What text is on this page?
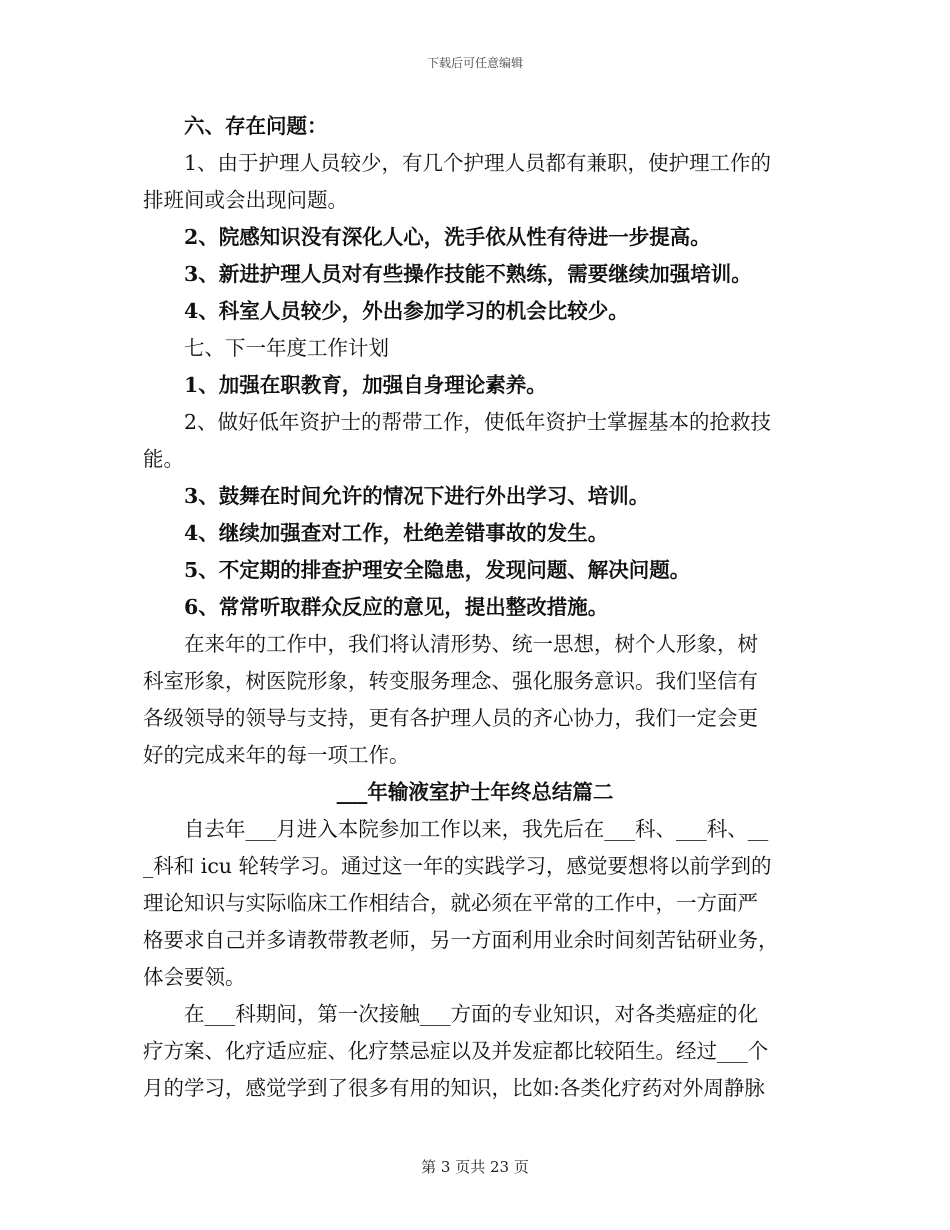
下载后可任意编辑
六、存在问题：
1、由于护理人员较少，有几个护理人员都有兼职，使护理工作的
排班间或会出现问题。
2、院感知识没有深化人心，洗手依从性有待进一步提高。
3、新进护理人员对有些操作技能不熟练，需要继续加强培训。
4、科室人员较少，外出参加学习的机会比较少。
七、下一年度工作计划
1、加强在职教育，加强自身理论素养。
2、做好低年资护士的帮带工作，使低年资护士掌握基本的抢救技
能。
3、鼓舞在时间允许的情况下进行外出学习、培训。
4、继续加强查对工作，杜绝差错事故的发生。
5、不定期的排查护理安全隐患，发现问题、解决问题。
6、常常听取群众反应的意见，提出整改措施。
在来年的工作中，我们将认清形势、统一思想，树个人形象，树
科室形象，树医院形象，转变服务理念、强化服务意识。我们坚信有
各级领导的领导与支持，更有各护理人员的齐心协力，我们一定会更
好的完成来年的每一项工作。
___年输液室护士年终总结篇二
自去年___月进入本院参加工作以来，我先后在___科、___科、__
_科和 icu 轮转学习。通过这一年的实践学习，感觉要想将以前学到的
理论知识与实际临床工作相结合，就必须在平常的工作中，一方面严
格要求自己并多请教带教老师，另一方面利用业余时间刻苦钻研业务，
体会要领。
在___科期间，第一次接触___方面的专业知识，对各类癌症的化
疗方案、化疗适应症、化疗禁忌症以及并发症都比较陌生。经过___个
月的学习，感觉学到了很多有用的知识，比如:各类化疗药对外周静脉
第 3 页共 23 页
